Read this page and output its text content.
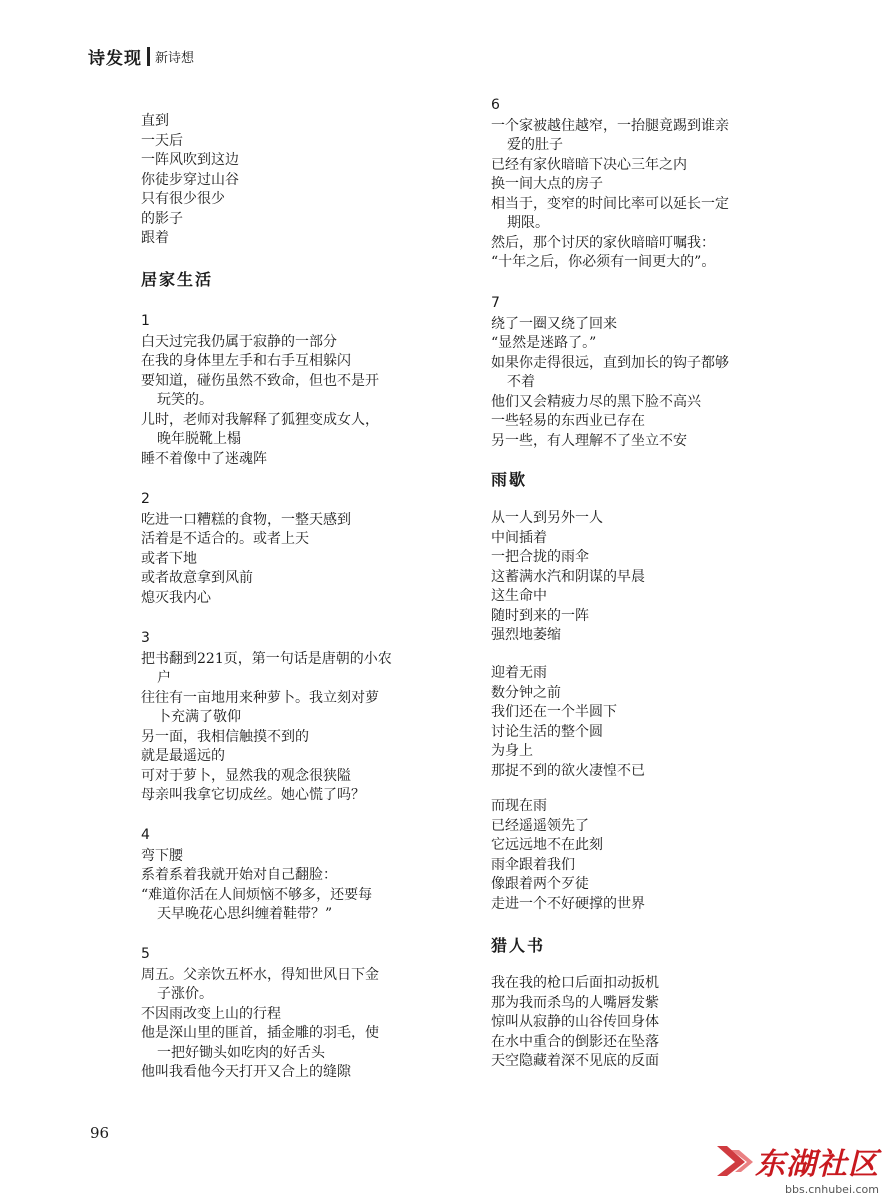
诗发现 新诗想
直到
一天后
一阵风吹到这边
你徒步穿过山谷
只有很少很少
的影子
跟着
居家生活
1
白天过完我仍属于寂静的一部分
在我的身体里左手和右手互相躲闪
要知道，碰伤虽然不致命，但也不是开
玩笑的。
儿时，老师对我解释了狐狸变成女人，
晚年脱靴上榻
睡不着像中了迷魂阵
2
吃进一口糟糕的食物，一整天感到
活着是不适合的。或者上天
或者下地
或者故意拿到风前
熄灭我内心
3
把书翻到221页，第一句话是唐朝的小农
户
往往有一亩地用来种萝卜。我立刻对萝
卜充满了敬仰
另一面，我相信触摸不到的
就是最遥远的
可对于萝卜，显然我的观念很狭隘
母亲叫我拿它切成丝。她心慌了吗？
4
弯下腰
系着系着我就开始对自己翻脸：
“难道你活在人间烦恼不够多，还要每
天早晚花心思纠缠着鞋带？”
5
周五。父亲饮五杯水，得知世风日下金
子涨价。
不因雨改变上山的行程
他是深山里的匪首，插金雕的羽毛，使
一把好锄头如吃肉的好舌头
他叫我看他今天打开又合上的缝隙
6
一个家被越住越窄，一抬腿竟踢到谁亲
爱的肚子
已经有家伙暗暗下决心三年之内
换一间大点的房子
相当于，变窄的时间比率可以延长一定
期限。
然后，那个讨厌的家伙暗暗叮嘱我：
“十年之后，你必须有一间更大的”。
7
绕了一圈又绕了回来
“显然是迷路了。”
如果你走得很远，直到加长的钩子都够
不着
他们又会精疲力尽的黑下脸不高兴
一些轻易的东西业已存在
另一些，有人理解不了坐立不安
雨歇
从一人到另外一人
中间插着
一把合拢的雨伞
这蓄满水汽和阴谋的早晨
这生命中
随时到来的一阵
强烈地萎缩
迎着无雨
数分钟之前
我们还在一个半圆下
讨论生活的整个圆
为身上
那捉不到的欲火凄惶不已
而现在雨
已经遥遥领先了
它远远地不在此刻
雨伞跟着我们
像跟着两个歹徒
走进一个不好硬撑的世界
猎人书
我在我的枪口后面扣动扳机
那为我而杀鸟的人嘴唇发紫
惊叫从寂静的山谷传回身体
在水中重合的倒影还在坠落
天空隐藏着深不见底的反面
96
东湖社区
bbs.cnhubei.com
